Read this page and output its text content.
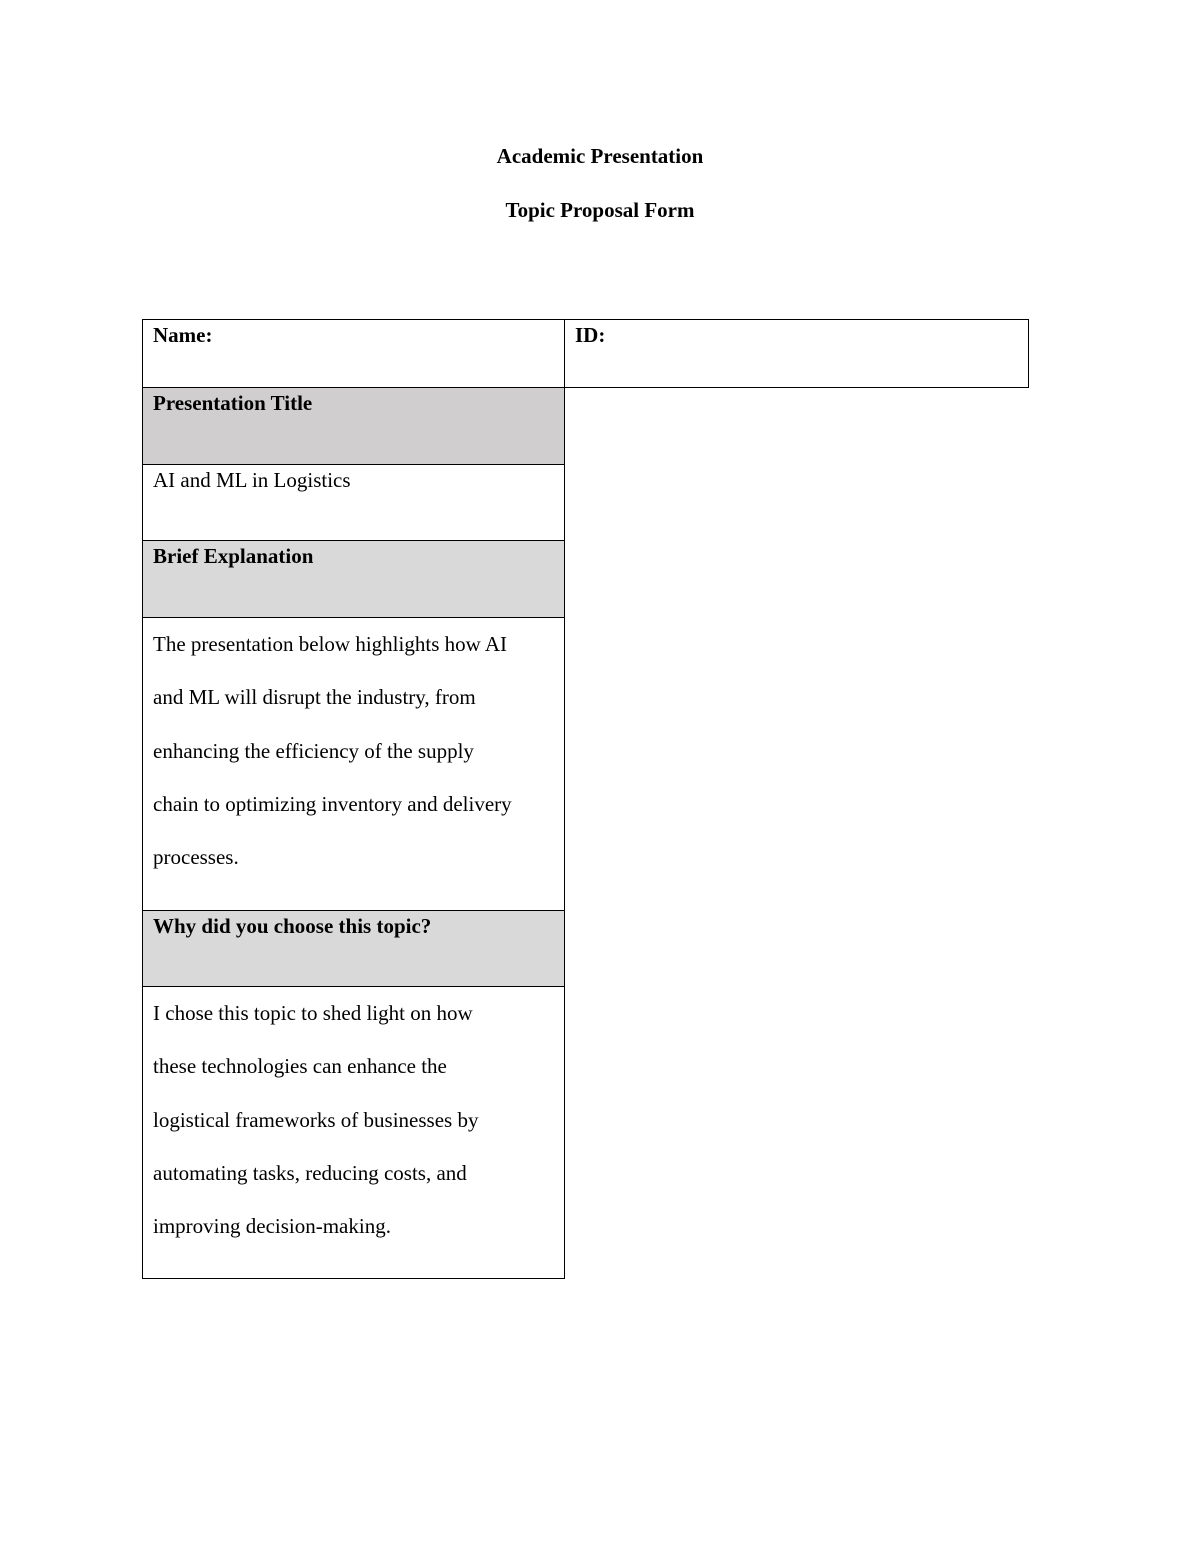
Academic Presentation
Topic Proposal Form
Name:	ID:
Presentation Title
AI and ML in Logistics
Brief Explanation
The presentation below highlights how AI
and ML will disrupt the industry, from
enhancing the efficiency of the supply
chain to optimizing inventory and delivery
processes.
Why did you choose this topic?
I chose this topic to shed light on how
these technologies can enhance the
logistical frameworks of businesses by
automating tasks, reducing costs, and
improving decision-making.
